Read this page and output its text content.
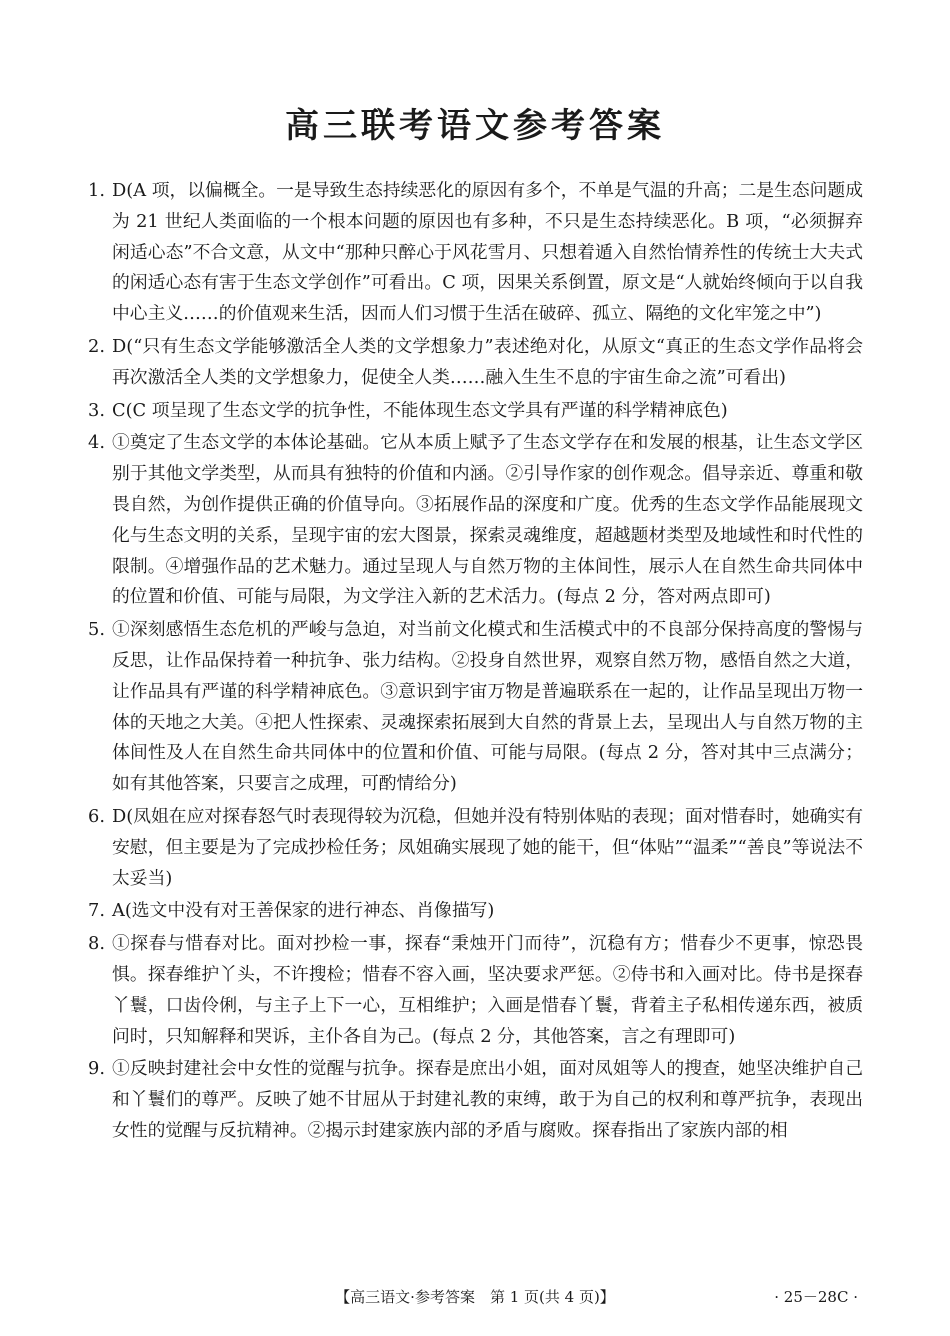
高三联考语文参考答案
1. D(A 项，以偏概全。一是导致生态持续恶化的原因有多个，不单是气温的升高；二是生态问题成为 21 世纪人类面临的一个根本问题的原因也有多种，不只是生态持续恶化。B 项，“必须摒弃闲适心态”不合文意，从文中“那种只醉心于风花雪月、只想着遁入自然怡情养性的传统士大夫式的闲适心态有害于生态文学创作”可看出。C 项，因果关系倒置，原文是“人就始终倾向于以自我中心主义……的价值观来生活，因而人们习惯于生活在破碎、孤立、隔绝的文化牢笼之中”)
2. D(“只有生态文学能够激活全人类的文学想象力”表述绝对化，从原文“真正的生态文学作品将会再次激活全人类的文学想象力，促使全人类……融入生生不息的宇宙生命之流”可看出)
3. C(C 项呈现了生态文学的抗争性，不能体现生态文学具有严谨的科学精神底色)
4. ①奠定了生态文学的本体论基础。它从本质上赋予了生态文学存在和发展的根基，让生态文学区别于其他文学类型，从而具有独特的价值和内涵。②引导作家的创作观念。倡导亲近、尊重和敬畏自然，为创作提供正确的价值导向。③拓展作品的深度和广度。优秀的生态文学作品能展现文化与生态文明的关系，呈现宇宙的宏大图景，探索灵魂维度，超越题材类型及地域性和时代性的限制。④增强作品的艺术魅力。通过呈现人与自然万物的主体间性，展示人在自然生命共同体中的位置和价值、可能与局限，为文学注入新的艺术活力。(每点 2 分，答对两点即可)
5. ①深刻感悟生态危机的严峻与急迫，对当前文化模式和生活模式中的不良部分保持高度的警惕与反思，让作品保持着一种抗争、张力结构。②投身自然世界，观察自然万物，感悟自然之大道，让作品具有严谨的科学精神底色。③意识到宇宙万物是普遍联系在一起的，让作品呈现出万物一体的天地之大美。④把人性探索、灵魂探索拓展到大自然的背景上去，呈现出人与自然万物的主体间性及人在自然生命共同体中的位置和价值、可能与局限。(每点 2 分，答对其中三点满分；如有其他答案，只要言之成理，可酌情给分)
6. D(凤姐在应对探春怒气时表现得较为沉稳，但她并没有特别体贴的表现；面对惜春时，她确实有安慰，但主要是为了完成抄检任务；凤姐确实展现了她的能干，但“体贴”“温柔”“善良”等说法不太妥当)
7. A(选文中没有对王善保家的进行神态、肖像描写)
8. ①探春与惜春对比。面对抄检一事，探春“秉烛开门而待”，沉稳有方；惜春少不更事，惊恐畏惧。探春维护丫头，不许搜检；惜春不容入画，坚决要求严惩。②侍书和入画对比。侍书是探春丫鬟，口齿伶俐，与主子上下一心，互相维护；入画是惜春丫鬟，背着主子私相传递东西，被质问时，只知解释和哭诉，主仆各自为己。(每点 2 分，其他答案，言之有理即可)
9. ①反映封建社会中女性的觉醒与抗争。探春是庶出小姐，面对凤姐等人的搜查，她坚决维护自己和丫鬟们的尊严。反映了她不甘屈从于封建礼教的束缚，敢于为自己的权利和尊严抗争，表现出女性的觉醒与反抗精神。②揭示封建家族内部的矛盾与腐败。探春指出了家族内部的相
【高三语文·参考答案　第 1 页(共 4 页)】	· 25－28C ·
